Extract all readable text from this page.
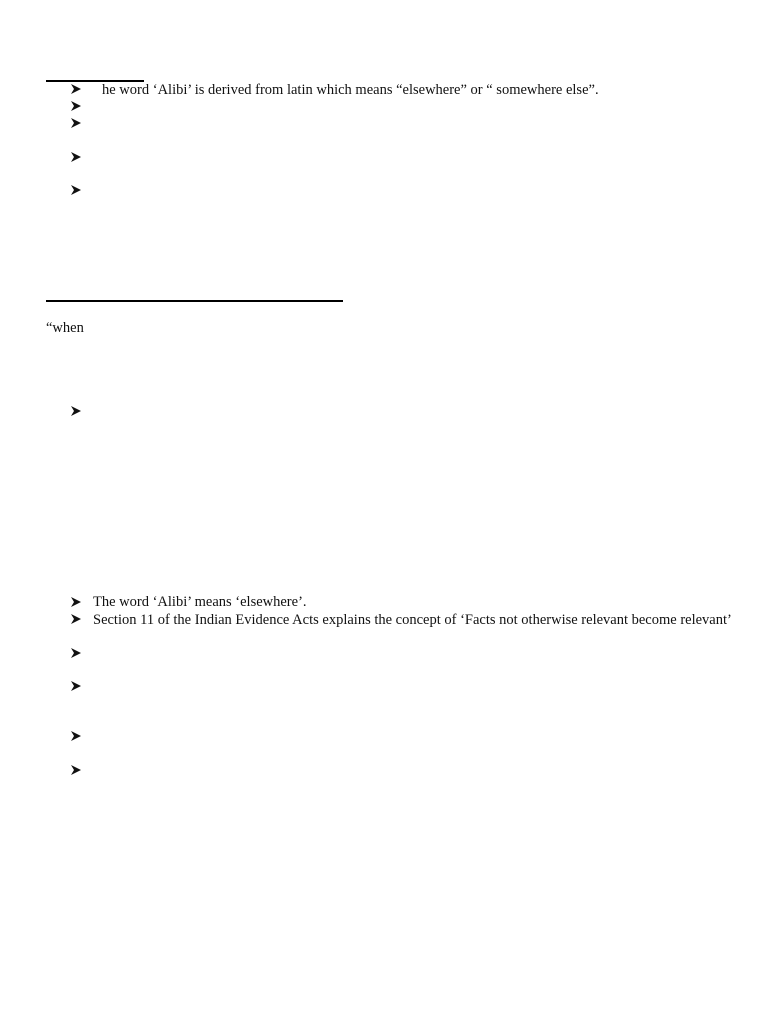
he word ‘Alibi’ is derived from latin which means “elsewhere” or “ somewhere else”.
“when
The word ‘Alibi’ means ‘elsewhere’.
Section 11 of the Indian Evidence Acts explains the concept of ‘Facts not otherwise relevant become relevant’
